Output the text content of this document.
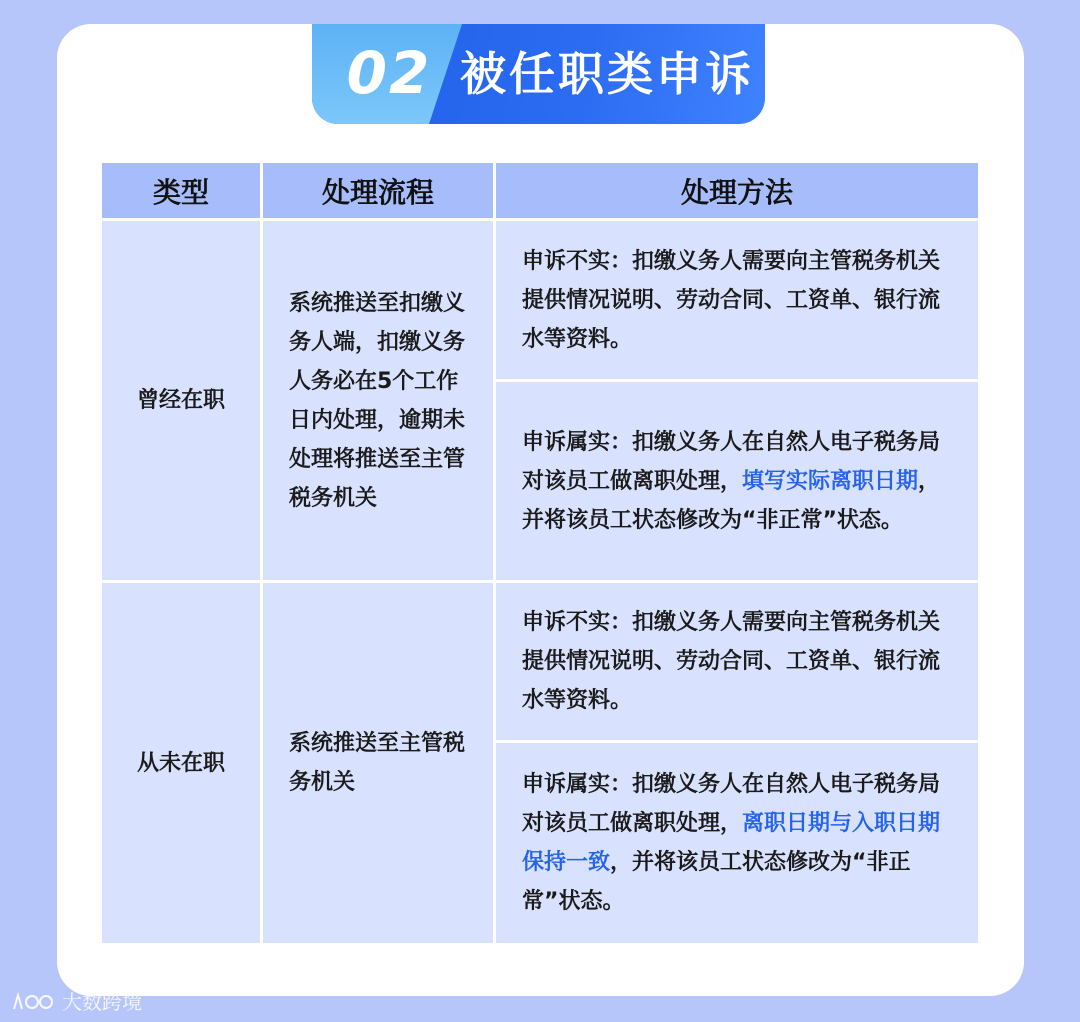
02 被任职类申诉
类型	处理流程	处理方法
曾经在职
系统推送至扣缴义务人端，扣缴义务人务必在5个工作日内处理，逾期未处理将推送至主管税务机关
申诉不实：扣缴义务人需要向主管税务机关提供情况说明、劳动合同、工资单、银行流水等资料。
申诉属实：扣缴义务人在自然人电子税务局对该员工做离职处理，填写实际离职日期，并将该员工状态修改为“非正常”状态。
从未在职
系统推送至主管税务机关
申诉不实：扣缴义务人需要向主管税务机关提供情况说明、劳动合同、工资单、银行流水等资料。
申诉属实：扣缴义务人在自然人电子税务局对该员工做离职处理，离职日期与入职日期保持一致，并将该员工状态修改为“非正常”状态。
大数跨境
